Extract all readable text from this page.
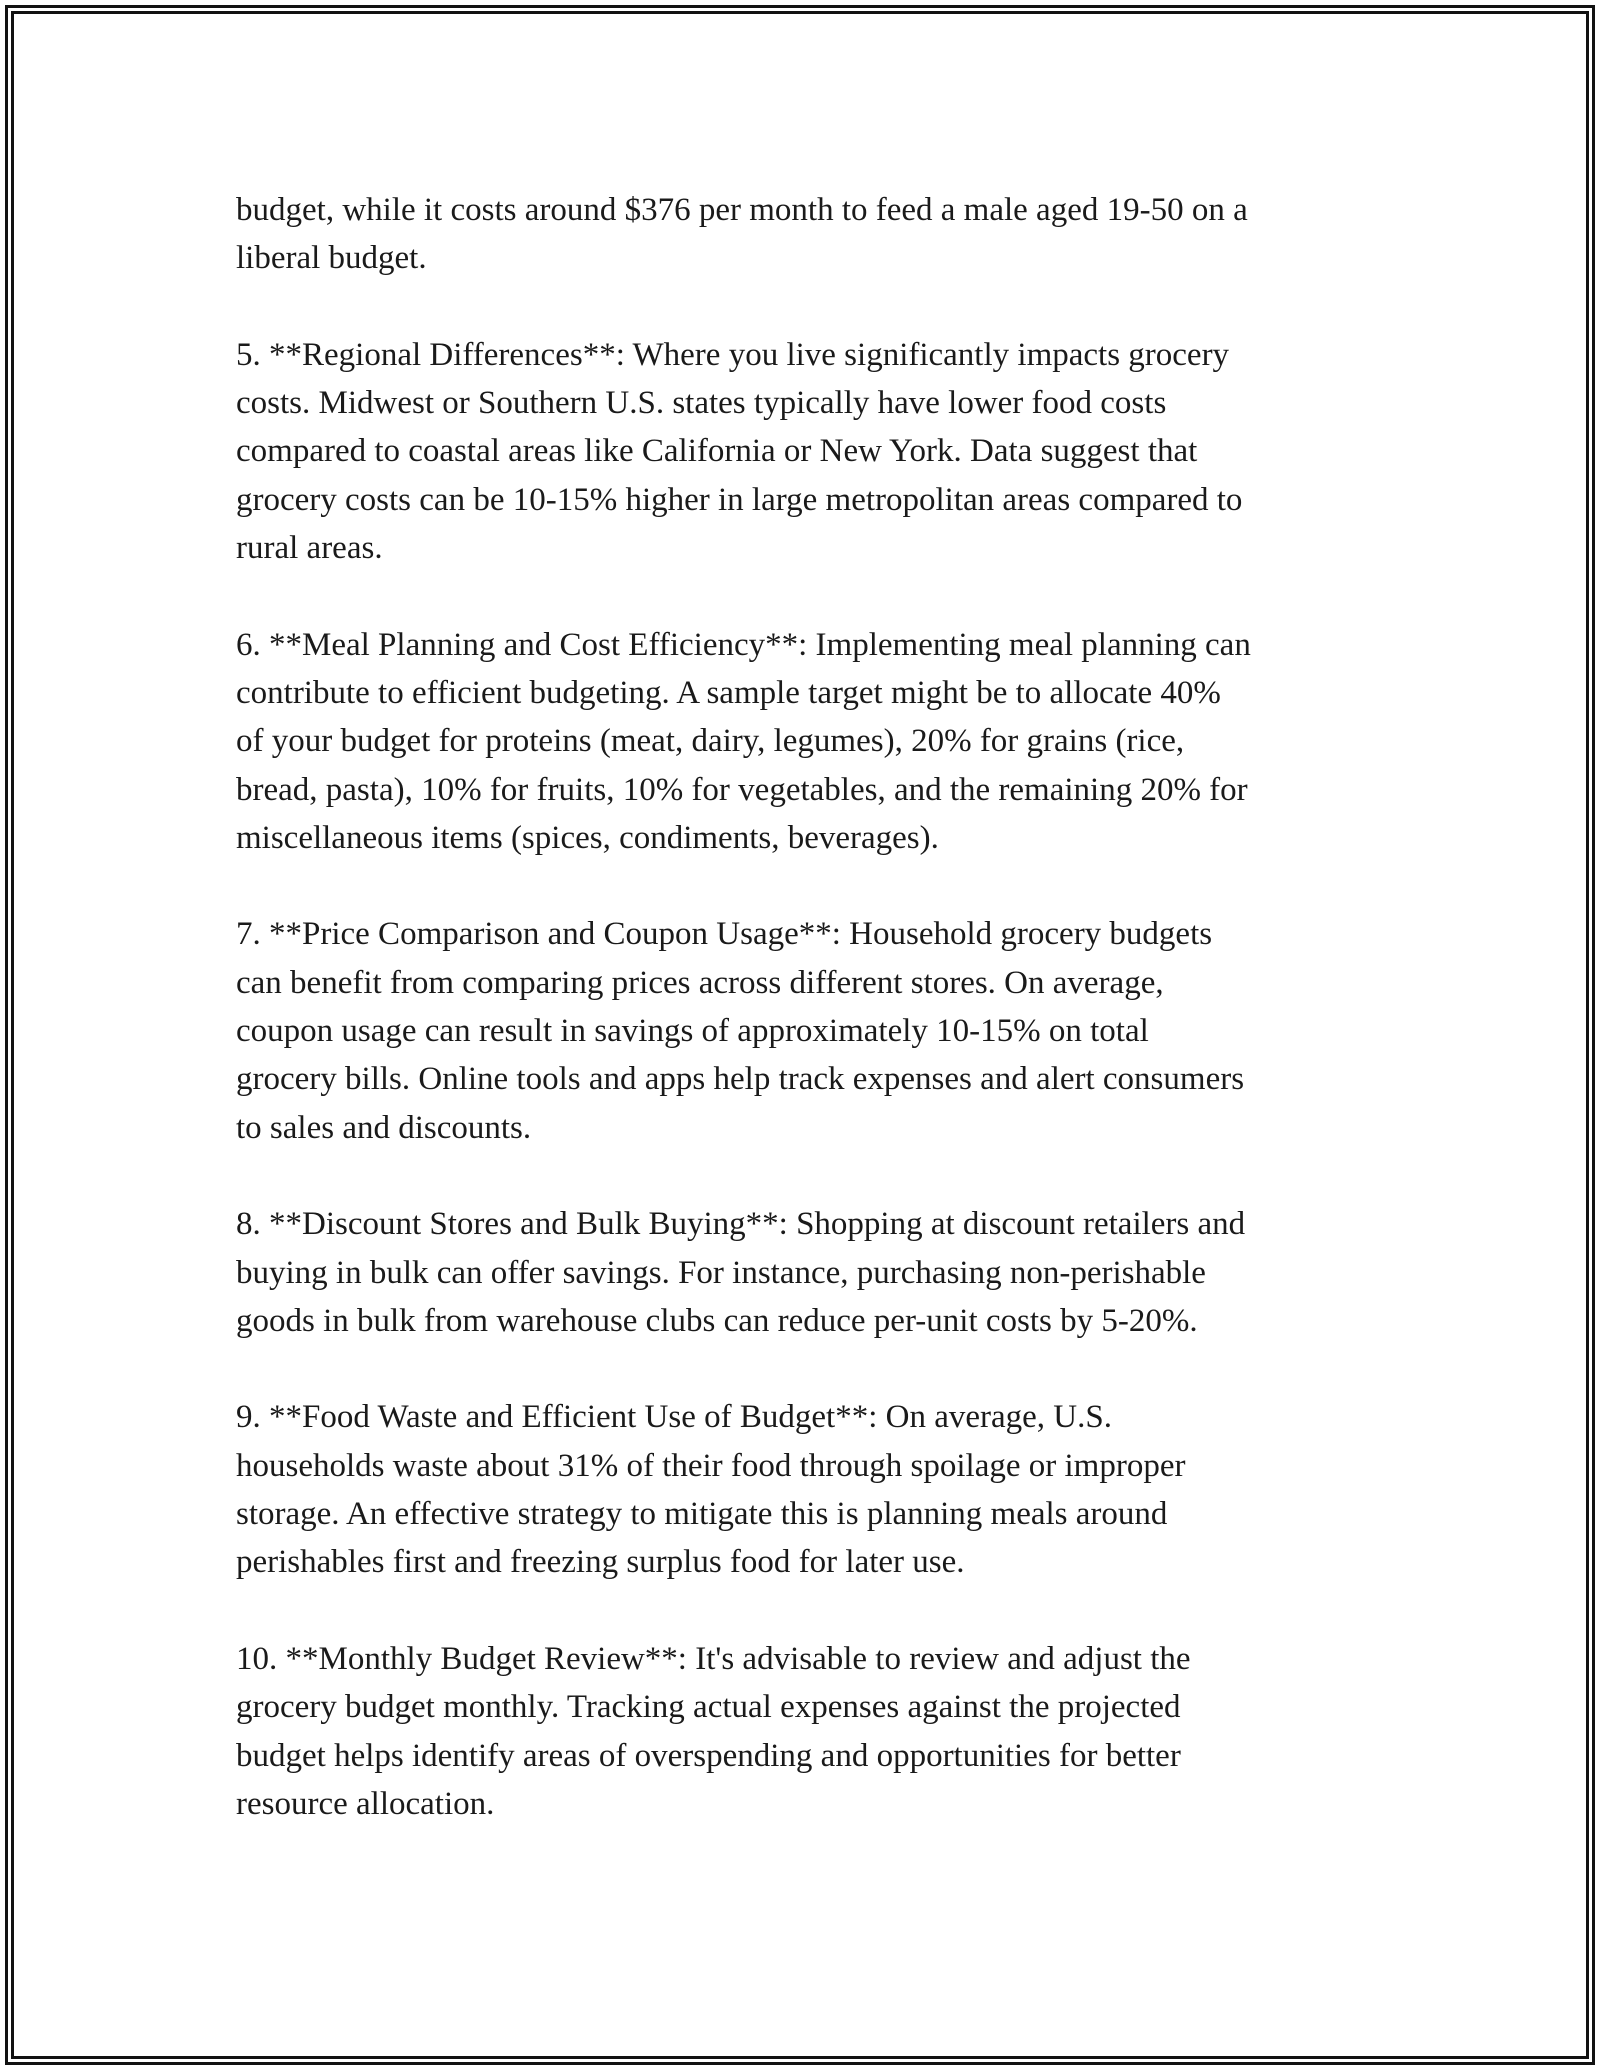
budget, while it costs around $376 per month to feed a male aged 19-50 on a
liberal budget.

5. **Regional Differences**: Where you live significantly impacts grocery
costs. Midwest or Southern U.S. states typically have lower food costs
compared to coastal areas like California or New York. Data suggest that
grocery costs can be 10-15% higher in large metropolitan areas compared to
rural areas.

6. **Meal Planning and Cost Efficiency**: Implementing meal planning can
contribute to efficient budgeting. A sample target might be to allocate 40%
of your budget for proteins (meat, dairy, legumes), 20% for grains (rice,
bread, pasta), 10% for fruits, 10% for vegetables, and the remaining 20% for
miscellaneous items (spices, condiments, beverages).

7. **Price Comparison and Coupon Usage**: Household grocery budgets
can benefit from comparing prices across different stores. On average,
coupon usage can result in savings of approximately 10-15% on total
grocery bills. Online tools and apps help track expenses and alert consumers
to sales and discounts.

8. **Discount Stores and Bulk Buying**: Shopping at discount retailers and
buying in bulk can offer savings. For instance, purchasing non-perishable
goods in bulk from warehouse clubs can reduce per-unit costs by 5-20%.

9. **Food Waste and Efficient Use of Budget**: On average, U.S.
households waste about 31% of their food through spoilage or improper
storage. An effective strategy to mitigate this is planning meals around
perishables first and freezing surplus food for later use.

10. **Monthly Budget Review**: It's advisable to review and adjust the
grocery budget monthly. Tracking actual expenses against the projected
budget helps identify areas of overspending and opportunities for better
resource allocation.
